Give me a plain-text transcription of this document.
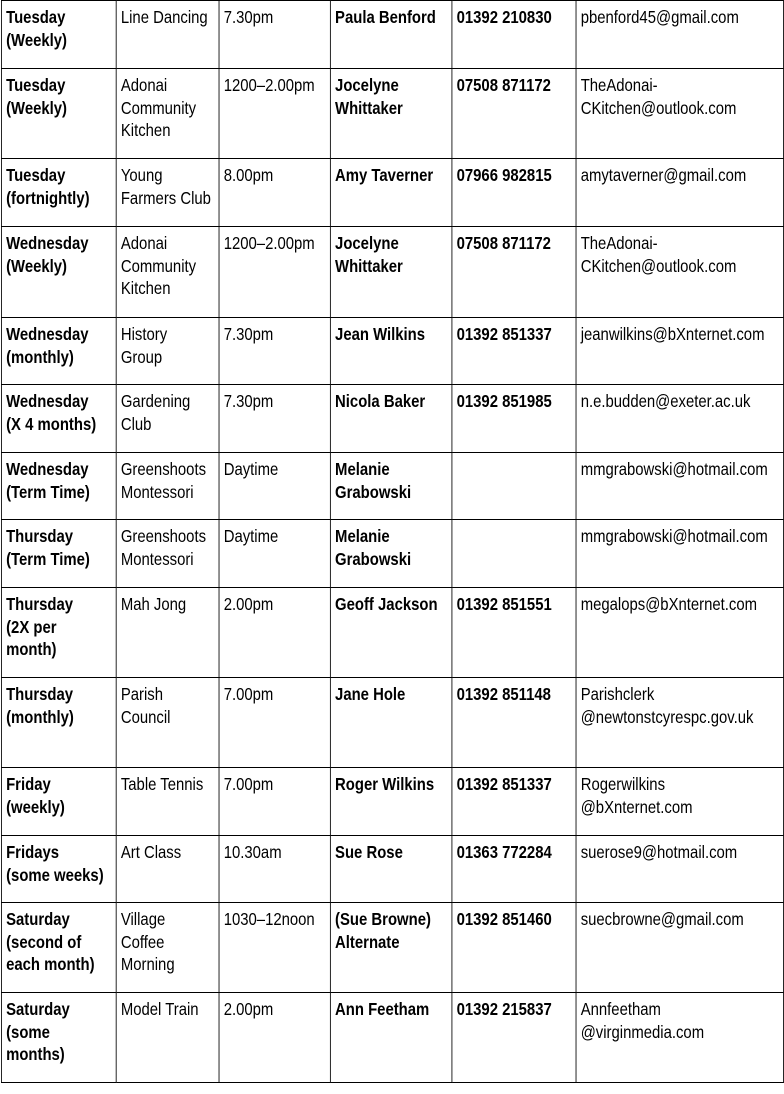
Tuesday
(Weekly)	Line Dancing	7.30pm	Paula Benford	01392 210830	pbenford45@gmail.com

Tuesday
(Weekly)	Adonai
Community
Kitchen	1200–2.00pm	Jocelyne
Whittaker	07508 871172	TheAdonai-
CKitchen@outlook.com

Tuesday
(fortnightly)	Young
Farmers Club	8.00pm	Amy Taverner	07966 982815	amytaverner@gmail.com

Wednesday
(Weekly)	Adonai
Community
Kitchen	1200–2.00pm	Jocelyne
Whittaker	07508 871172	TheAdonai-
CKitchen@outlook.com

Wednesday
(monthly)	History
Group	7.30pm	Jean Wilkins	01392 851337	jeanwilkins@bXnternet.com

Wednesday
(X 4 months)	Gardening
Club	7.30pm	Nicola Baker	01392 851985	n.e.budden@exeter.ac.uk

Wednesday
(Term Time)	Greenshoots
Montessori	Daytime	Melanie
Grabowski		mmgrabowski@hotmail.com

Thursday
(Term Time)	Greenshoots
Montessori	Daytime	Melanie
Grabowski		mmgrabowski@hotmail.com

Thursday
(2X per
month)	Mah Jong	2.00pm	Geoff Jackson	01392 851551	megalops@bXnternet.com

Thursday
(monthly)	Parish
Council	7.00pm	Jane Hole	01392 851148	Parishclerk
@newtonstcyrespc.gov.uk

Friday
(weekly)	Table Tennis	7.00pm	Roger Wilkins	01392 851337	Rogerwilkins
@bXnternet.com

Fridays
(some weeks)	Art Class	10.30am	Sue Rose	01363 772284	suerose9@hotmail.com

Saturday
(second of
each month)	Village
Coffee
Morning	1030–12noon	(Sue Browne)
Alternate	01392 851460	suecbrowne@gmail.com

Saturday
(some
months)	Model Train	2.00pm	Ann Feetham	01392 215837	Annfeetham
@virginmedia.com
